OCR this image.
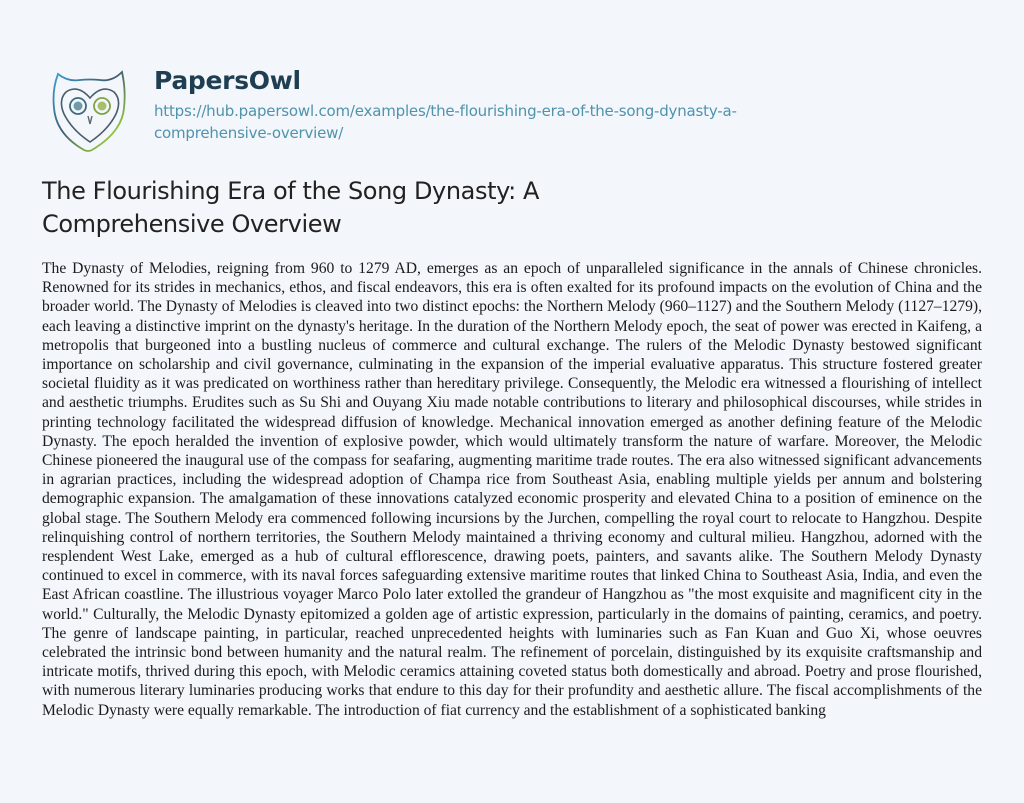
PapersOwl
https://hub.papersowl.com/examples/the-flourishing-era-of-the-song-dynasty-a-comprehensive-overview/
The Flourishing Era of the Song Dynasty: A Comprehensive Overview

The Dynasty of Melodies, reigning from 960 to 1279 AD, emerges as an epoch of unparalleled significance in the annals of Chinese chronicles. Renowned for its strides in mechanics, ethos, and fiscal endeavors, this era is often exalted for its profound impacts on the evolution of China and the broader world. The Dynasty of Melodies is cleaved into two distinct epochs: the Northern Melody (960–1127) and the Southern Melody (1127–1279), each leaving a distinctive imprint on the dynasty's heritage. In the duration of the Northern Melody epoch, the seat of power was erected in Kaifeng, a metropolis that burgeoned into a bustling nucleus of commerce and cultural exchange. The rulers of the Melodic Dynasty bestowed significant importance on scholarship and civil governance, culminating in the expansion of the imperial evaluative apparatus. This structure fostered greater societal fluidity as it was predicated on worthiness rather than hereditary privilege. Consequently, the Melodic era witnessed a flourishing of intellect and aesthetic triumphs. Erudites such as Su Shi and Ouyang Xiu made notable contributions to literary and philosophical discourses, while strides in printing technology facilitated the widespread diffusion of knowledge. Mechanical innovation emerged as another defining feature of the Melodic Dynasty. The epoch heralded the invention of explosive powder, which would ultimately transform the nature of warfare. Moreover, the Melodic Chinese pioneered the inaugural use of the compass for seafaring, augmenting maritime trade routes. The era also witnessed significant advancements in agrarian practices, including the widespread adoption of Champa rice from Southeast Asia, enabling multiple yields per annum and bolstering demographic expansion. The amalgamation of these innovations catalyzed economic prosperity and elevated China to a position of eminence on the global stage. The Southern Melody era commenced following incursions by the Jurchen, compelling the royal court to relocate to Hangzhou. Despite relinquishing control of northern territories, the Southern Melody maintained a thriving economy and cultural milieu. Hangzhou, adorned with the resplendent West Lake, emerged as a hub of cultural efflorescence, drawing poets, painters, and savants alike. The Southern Melody Dynasty continued to excel in commerce, with its naval forces safeguarding extensive maritime routes that linked China to Southeast Asia, India, and even the East African coastline. The illustrious voyager Marco Polo later extolled the grandeur of Hangzhou as "the most exquisite and magnificent city in the world." Culturally, the Melodic Dynasty epitomized a golden age of artistic expression, particularly in the domains of painting, ceramics, and poetry. The genre of landscape painting, in particular, reached unprecedented heights with luminaries such as Fan Kuan and Guo Xi, whose oeuvres celebrated the intrinsic bond between humanity and the natural realm. The refinement of porcelain, distinguished by its exquisite craftsmanship and intricate motifs, thrived during this epoch, with Melodic ceramics attaining coveted status both domestically and abroad. Poetry and prose flourished, with numerous literary luminaries producing works that endure to this day for their profundity and aesthetic allure. The fiscal accomplishments of the Melodic Dynasty were equally remarkable. The introduction of fiat currency and the establishment of a sophisticated banking
